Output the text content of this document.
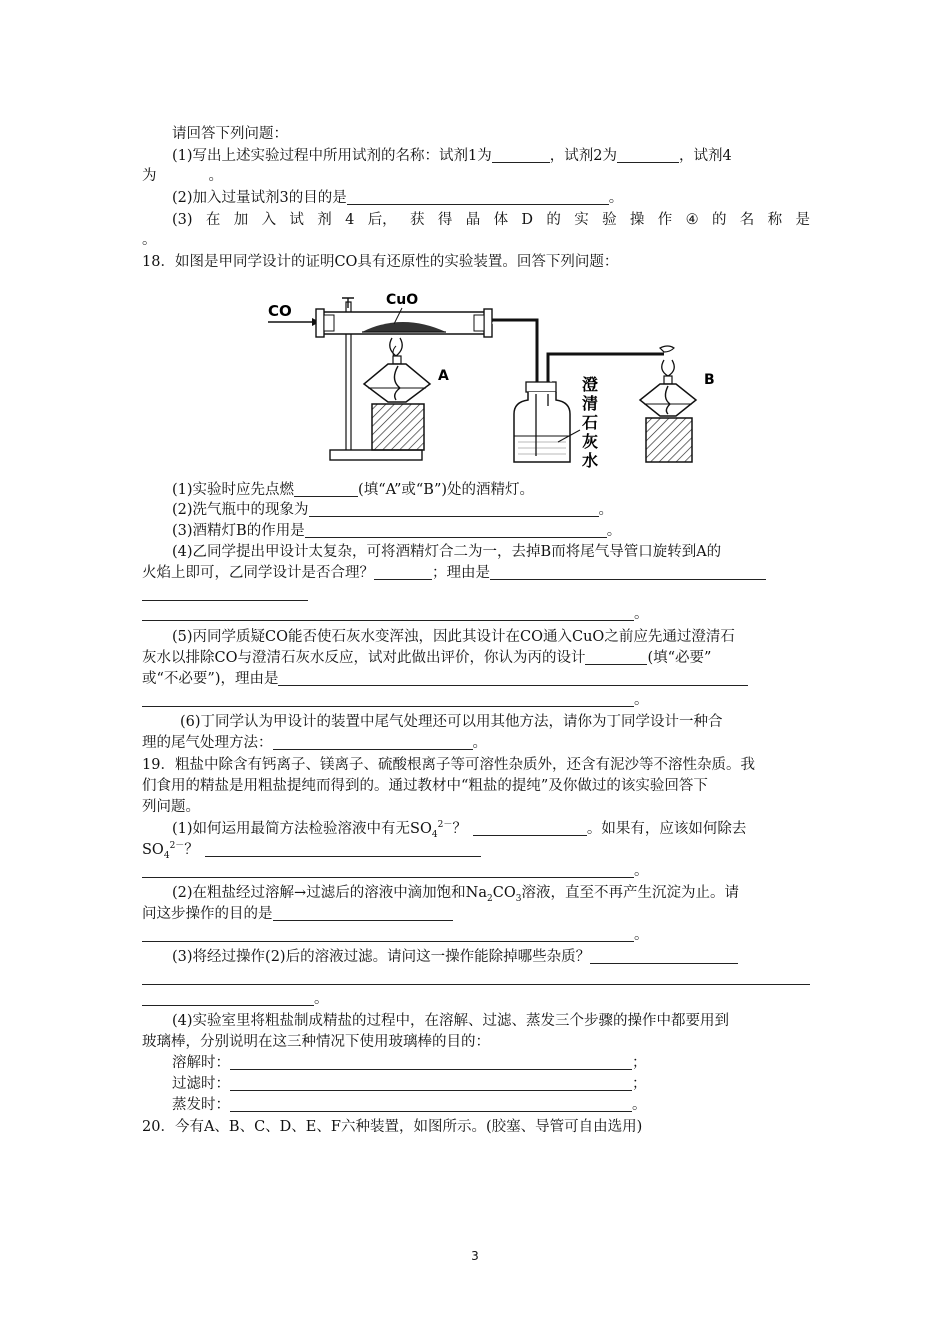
请回答下列问题：
(1)写出上述实验过程中所用试剂的名称：试剂1为	，试剂2为	，试剂4
为	。
(2)加入过量试剂3的目的是	。
(3) 在 加 入 试 剂 4 后， 获 得 晶 体 D 的 实 验 操 作 ④ 的 名 称 是
。
18．如图是甲同学设计的证明CO具有还原性的实验装置。回答下列问题：
CO
CuO
A	澄
清
石
灰
水
B
(1)实验时应先点燃	(填“A”或“B”)处的酒精灯。
(2)洗气瓶中的现象为	。
(3)酒精灯B的作用是	。
(4)乙同学提出甲设计太复杂，可将酒精灯合二为一，去掉B而将尾气导管口旋转到A的
火焰上即可，乙同学设计是否合理？	；理由是
。
(5)丙同学质疑CO能否使石灰水变浑浊，因此其设计在CO通入CuO之前应先通过澄清石
灰水以排除CO与澄清石灰水反应，试对此做出评价，你认为丙的设计	(填“必要”
或“不必要”)，理由是
。
(6)丁同学认为甲设计的装置中尾气处理还可以用其他方法，请你为丁同学设计一种合
理的尾气处理方法：	。
19．粗盐中除含有钙离子、镁离子、硫酸根离子等可溶性杂质外，还含有泥沙等不溶性杂质。我
们食用的精盐是用粗盐提纯而得到的。通过教材中“粗盐的提纯”及你做过的该实验回答下
列问题。
(1)如何运用最简方法检验溶液中有无$SO_4^{2-}$？	。如果有，应该如何除去
$SO_4^{2-}$？
。
(2)在粗盐经过溶解→过滤后的溶液中滴加饱和$Na_2CO_3$溶液，直至不再产生沉淀为止。请
问这步操作的目的是
。
(3)将经过操作(2)后的溶液过滤。请问这一操作能除掉哪些杂质？
。
(4)实验室里将粗盐制成精盐的过程中，在溶解、过滤、蒸发三个步骤的操作中都要用到
玻璃棒，分别说明在这三种情况下使用玻璃棒的目的：
溶解时：	；
过滤时：	；
蒸发时：	。
20．今有A、B、C、D、E、F六种装置，如图所示。(胶塞、导管可自由选用)
3
